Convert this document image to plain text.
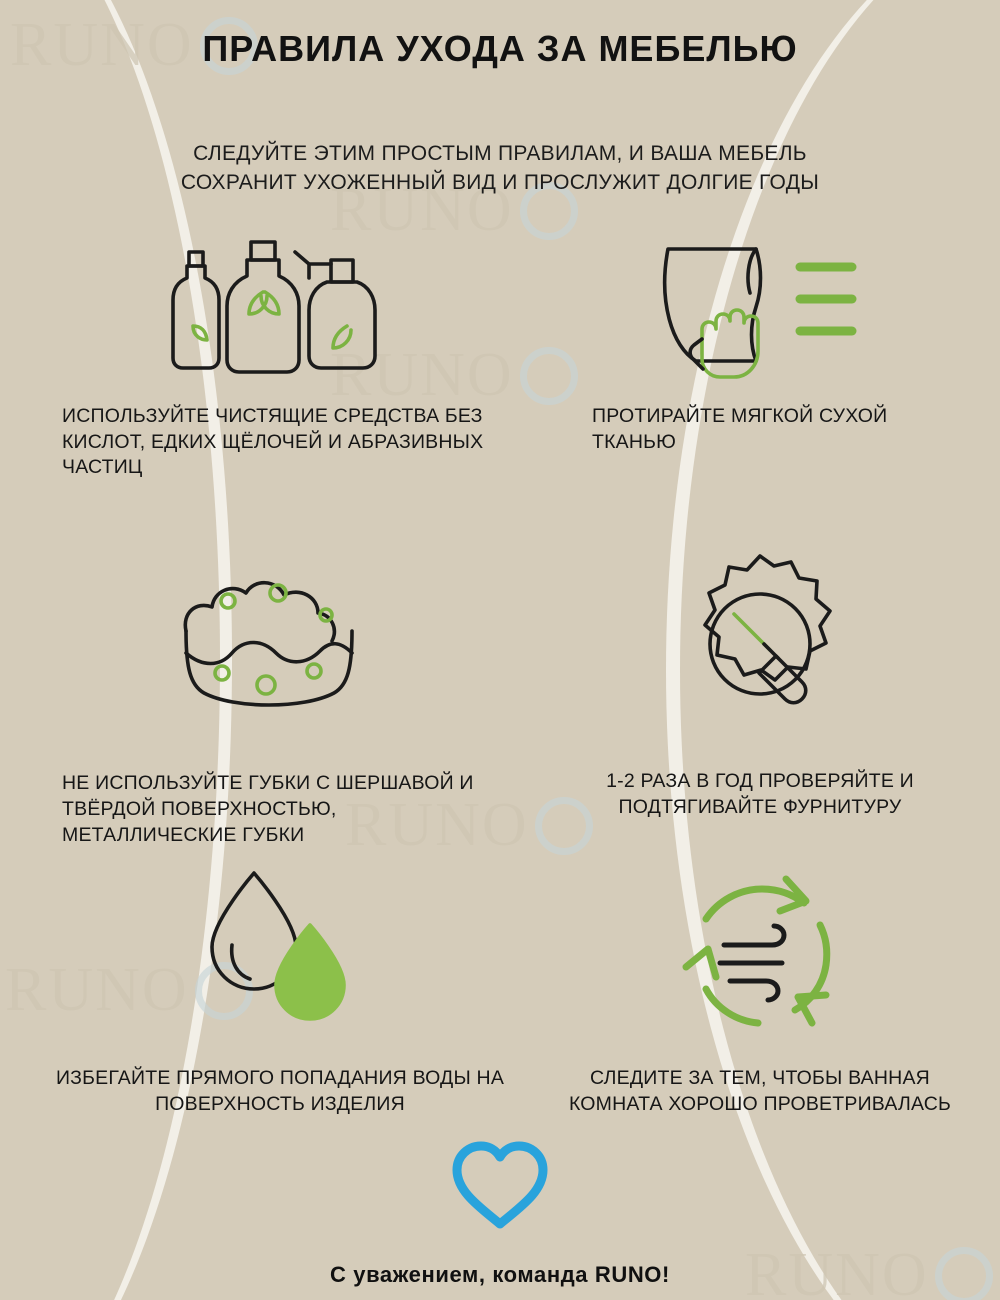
RUNO
RUNO
RUNO
RUNO
RUNO
RUNO
ПРАВИЛА УХОДА ЗА МЕБЕЛЬЮ
СЛЕДУЙТЕ ЭТИМ ПРОСТЫМ ПРАВИЛАМ, И ВАША МЕБЕЛЬ
СОХРАНИТ УХОЖЕННЫЙ ВИД И ПРОСЛУЖИТ ДОЛГИЕ ГОДЫ
ИСПОЛЬЗУЙТЕ ЧИСТЯЩИЕ СРЕДСТВА БЕЗ КИСЛОТ, ЕДКИХ ЩЁЛОЧЕЙ И АБРАЗИВНЫХ ЧАСТИЦ
ПРОТИРАЙТЕ МЯГКОЙ СУХОЙ ТКАНЬЮ
НЕ ИСПОЛЬЗУЙТЕ ГУБКИ С ШЕРШАВОЙ И ТВЁРДОЙ ПОВЕРХНОСТЬЮ, МЕТАЛЛИЧЕСКИЕ ГУБКИ
1-2 РАЗА В ГОД ПРОВЕРЯЙТЕ И ПОДТЯГИВАЙТЕ ФУРНИТУРУ
ИЗБЕГАЙТЕ ПРЯМОГО ПОПАДАНИЯ ВОДЫ НА ПОВЕРХНОСТЬ ИЗДЕЛИЯ
СЛЕДИТЕ ЗА ТЕМ, ЧТОБЫ ВАННАЯ КОМНАТА ХОРОШО ПРОВЕТРИВАЛАСЬ
С уважением, команда RUNO!
